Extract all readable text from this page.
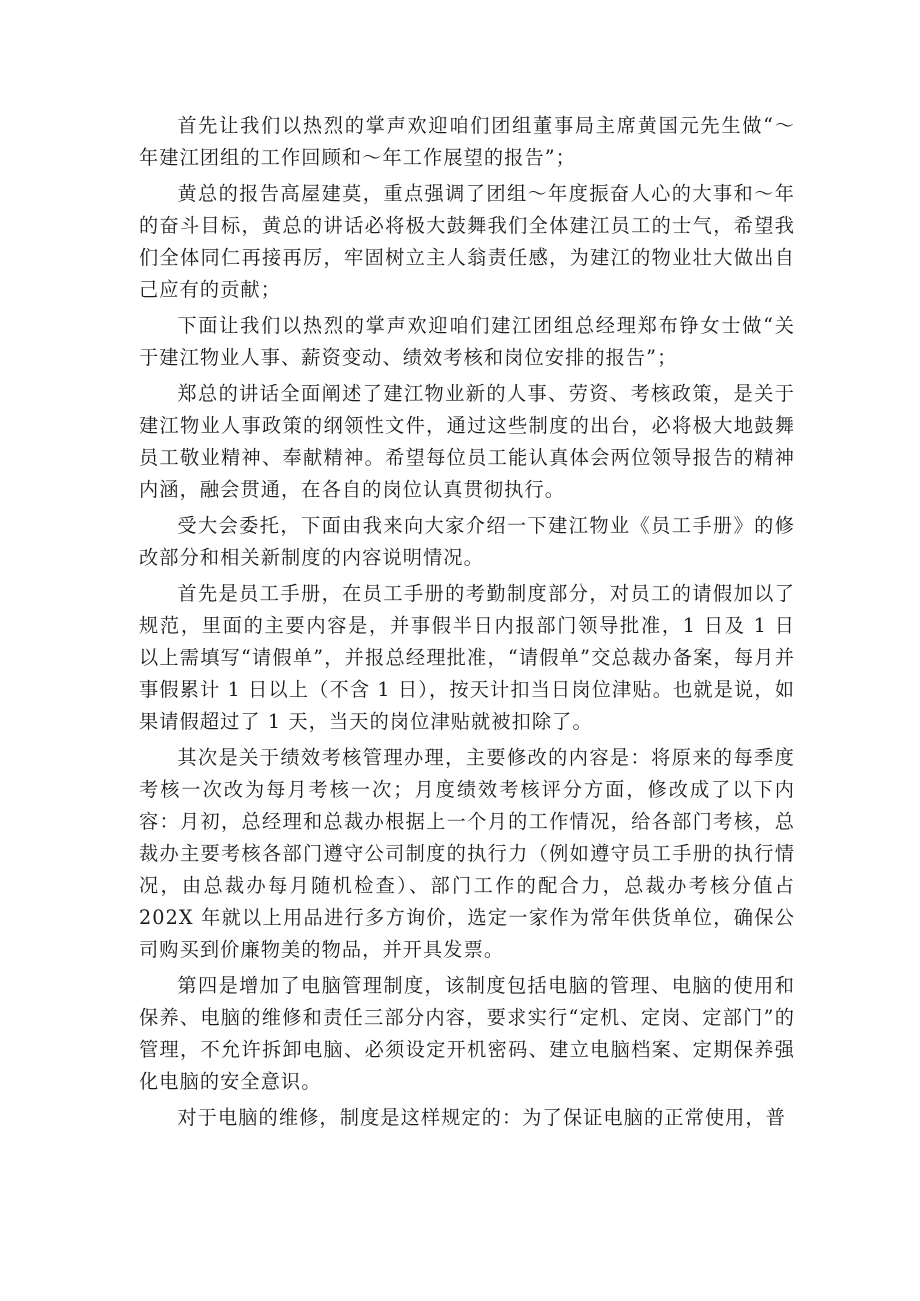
首先让我们以热烈的掌声欢迎咱们团组董事局主席黄国元先生做“～年建江团组的工作回顾和～年工作展望的报告”；

黄总的报告高屋建莫，重点强调了团组～年度振奋人心的大事和～年的奋斗目标，黄总的讲话必将极大鼓舞我们全体建江员工的士气，希望我们全体同仁再接再厉，牢固树立主人翁责任感，为建江的物业壮大做出自己应有的贡献；

下面让我们以热烈的掌声欢迎咱们建江团组总经理郑布铮女士做“关于建江物业人事、薪资变动、绩效考核和岗位安排的报告”；

郑总的讲话全面阐述了建江物业新的人事、劳资、考核政策，是关于建江物业人事政策的纲领性文件，通过这些制度的出台，必将极大地鼓舞员工敬业精神、奉献精神。希望每位员工能认真体会两位领导报告的精神内涵，融会贯通，在各自的岗位认真贯彻执行。

受大会委托，下面由我来向大家介绍一下建江物业《员工手册》的修改部分和相关新制度的内容说明情况。

首先是员工手册，在员工手册的考勤制度部分，对员工的请假加以了规范，里面的主要内容是，并事假半日内报部门领导批准，1 日及 1 日以上需填写“请假单”，并报总经理批准，“请假单”交总裁办备案，每月并事假累计 1 日以上（不含 1 日），按天计扣当日岗位津贴。也就是说，如果请假超过了 1 天，当天的岗位津贴就被扣除了。

其次是关于绩效考核管理办理，主要修改的内容是：将原来的每季度考核一次改为每月考核一次；月度绩效考核评分方面，修改成了以下内容：月初，总经理和总裁办根据上一个月的工作情况，给各部门考核，总裁办主要考核各部门遵守公司制度的执行力（例如遵守员工手册的执行情况，由总裁办每月随机检查）、部门工作的配合力，总裁办考核分值占 202X 年就以上用品进行多方询价，选定一家作为常年供货单位，确保公司购买到价廉物美的物品，并开具发票。

第四是增加了电脑管理制度，该制度包括电脑的管理、电脑的使用和保养、电脑的维修和责任三部分内容，要求实行“定机、定岗、定部门”的管理，不允许拆卸电脑、必须设定开机密码、建立电脑档案、定期保养强化电脑的安全意识。

对于电脑的维修，制度是这样规定的：为了保证电脑的正常使用，普
